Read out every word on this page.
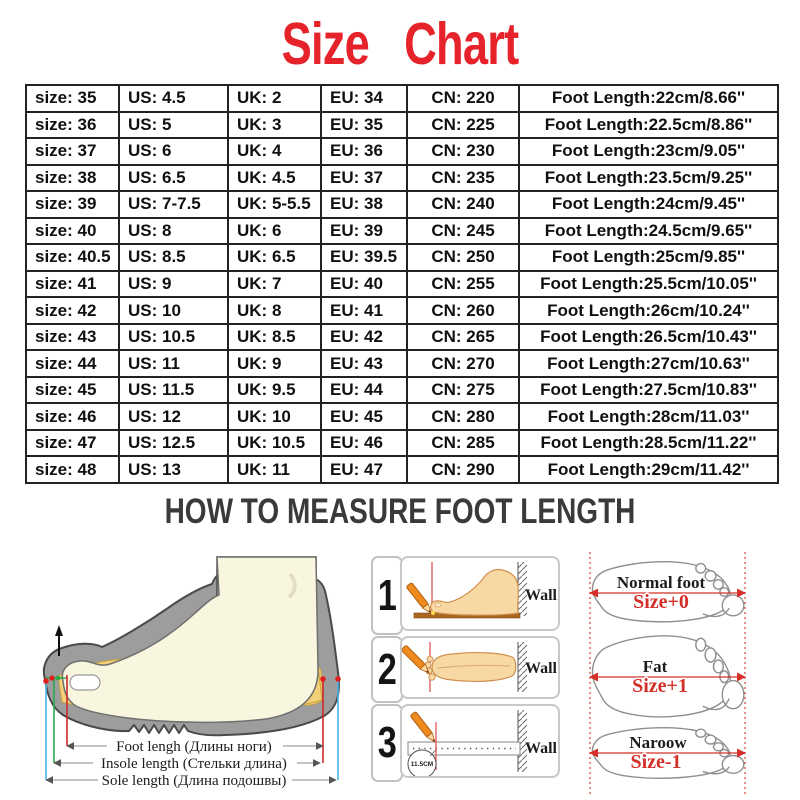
Size Chart
size: 35	US: 4.5	UK: 2	EU: 34	CN: 220	Foot Length:22cm/8.66''
size: 36	US: 5	UK: 3	EU: 35	CN: 225	Foot Length:22.5cm/8.86''
size: 37	US: 6	UK: 4	EU: 36	CN: 230	Foot Length:23cm/9.05''
size: 38	US: 6.5	UK: 4.5	EU: 37	CN: 235	Foot Length:23.5cm/9.25''
size: 39	US: 7-7.5	UK: 5-5.5	EU: 38	CN: 240	Foot Length:24cm/9.45''
size: 40	US: 8	UK: 6	EU: 39	CN: 245	Foot Length:24.5cm/9.65''
size: 40.5	US: 8.5	UK: 6.5	EU: 39.5	CN: 250	Foot Length:25cm/9.85''
size: 41	US: 9	UK: 7	EU: 40	CN: 255	Foot Length:25.5cm/10.05''
size: 42	US: 10	UK: 8	EU: 41	CN: 260	Foot Length:26cm/10.24''
size: 43	US: 10.5	UK: 8.5	EU: 42	CN: 265	Foot Length:26.5cm/10.43''
size: 44	US: 11	UK: 9	EU: 43	CN: 270	Foot Length:27cm/10.63''
size: 45	US: 11.5	UK: 9.5	EU: 44	CN: 275	Foot Length:27.5cm/10.83''
size: 46	US: 12	UK: 10	EU: 45	CN: 280	Foot Length:28cm/11.03''
size: 47	US: 12.5	UK: 10.5	EU: 46	CN: 285	Foot Length:28.5cm/11.22''
size: 48	US: 13	UK: 11	EU: 47	CN: 290	Foot Length:29cm/11.42''
HOW TO MEASURE FOOT LENGTH
Foot lengh (Длины ноги)
Insole length (Стельки длина)
Sole length (Длина подошвы)
1
2
3
Wall
Wall
11.5CM
Wall
Normal foot
Size+0
Fat
Size+1
Naroow
Size-1
